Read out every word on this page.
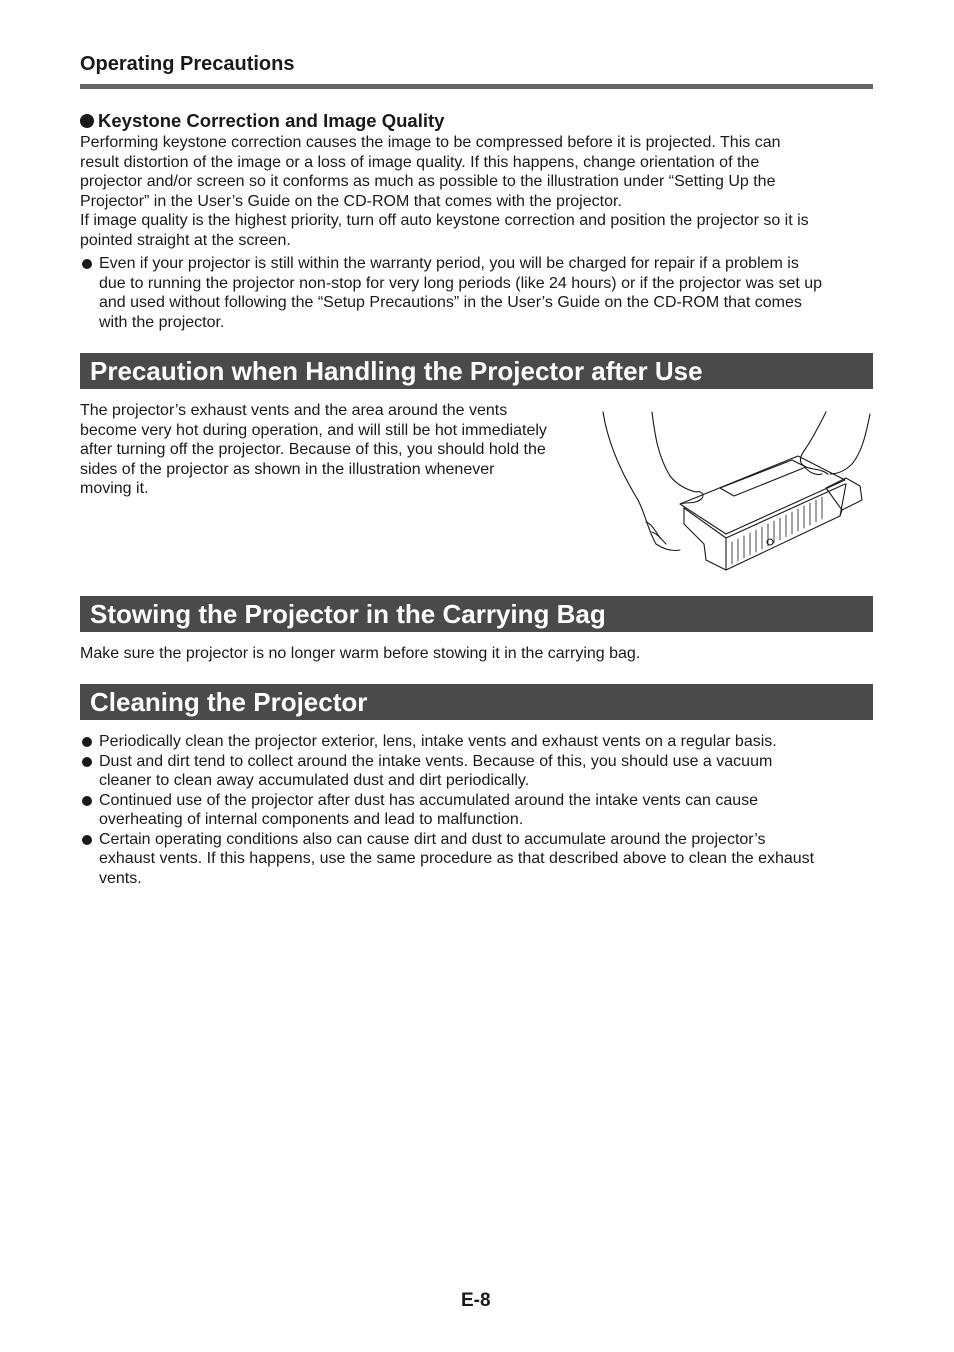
Operating Precautions
Keystone Correction and Image Quality
Performing keystone correction causes the image to be compressed before it is projected. This can
result distortion of the image or a loss of image quality. If this happens, change orientation of the
projector and/or screen so it conforms as much as possible to the illustration under “Setting Up the
Projector” in the User’s Guide on the CD-ROM that comes with the projector.
If image quality is the highest priority, turn off auto keystone correction and position the projector so it is
pointed straight at the screen.
Even if your projector is still within the warranty period, you will be charged for repair if a problem is
due to running the projector non-stop for very long periods (like 24 hours) or if the projector was set up
and used without following the “Setup Precautions” in the User’s Guide on the CD-ROM that comes
with the projector.
Precaution when Handling the Projector after Use
The projector’s exhaust vents and the area around the vents
become very hot during operation, and will still be hot immediately
after turning off the projector. Because of this, you should hold the
sides of the projector as shown in the illustration whenever
moving it.
Stowing the Projector in the Carrying Bag
Make sure the projector is no longer warm before stowing it in the carrying bag.
Cleaning the Projector
Periodically clean the projector exterior, lens, intake vents and exhaust vents on a regular basis.
Dust and dirt tend to collect around the intake vents. Because of this, you should use a vacuum
cleaner to clean away accumulated dust and dirt periodically.
Continued use of the projector after dust has accumulated around the intake vents can cause
overheating of internal components and lead to malfunction.
Certain operating conditions also can cause dirt and dust to accumulate around the projector’s
exhaust vents. If this happens, use the same procedure as that described above to clean the exhaust
vents.
E-8
